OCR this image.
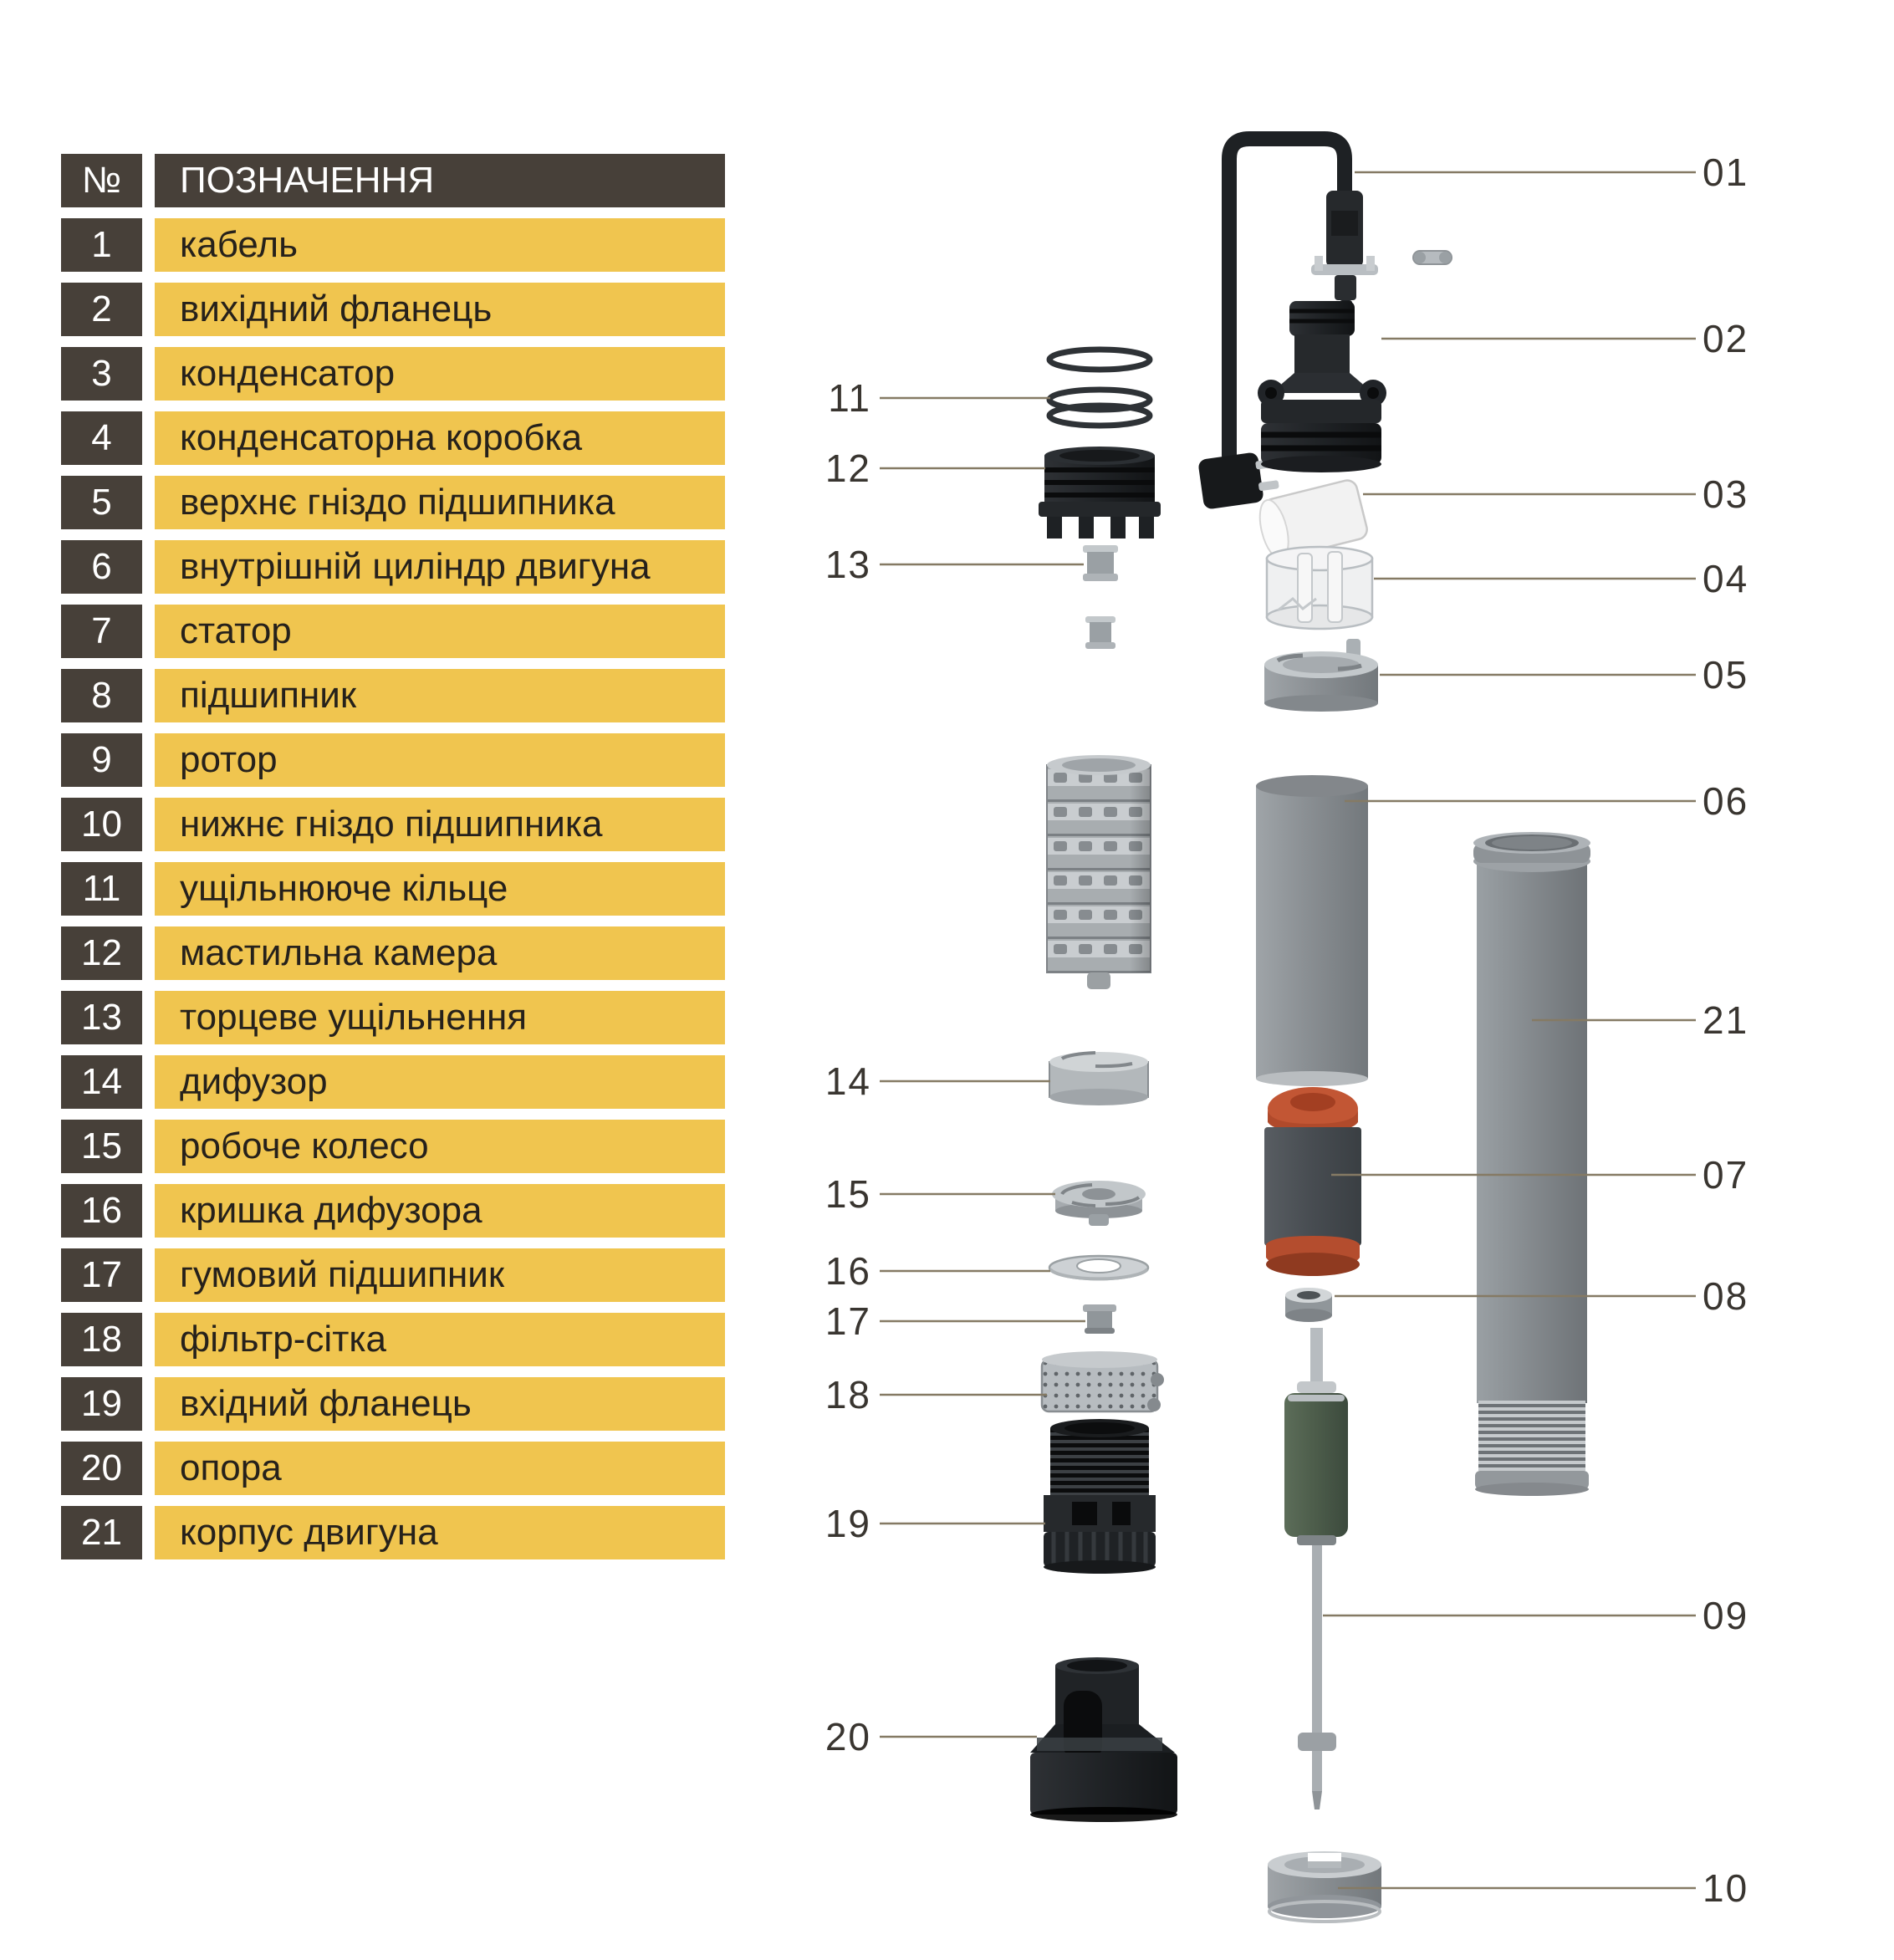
№	ПОЗНАЧЕННЯ
1	кабель
2	вихідний фланець
3	конденсатор
4	конденсаторна коробка
5	верхнє гніздо підшипника
6	внутрішній циліндр двигуна
7	статор
8	підшипник
9	ротор
10	нижнє гніздо підшипника
11	ущільнююче кільце
12	мастильна камера
13	торцеве ущільнення
14	дифузор
15	робоче колесо
16	кришка дифузора
17	гумовий підшипник
18	фільтр-сітка
19	вхідний фланець
20	опора
21	корпус двигуна
01
02
03
04
05
06
07
08
09
10
21
11
12
13
14
15
16
17
18
19
20
